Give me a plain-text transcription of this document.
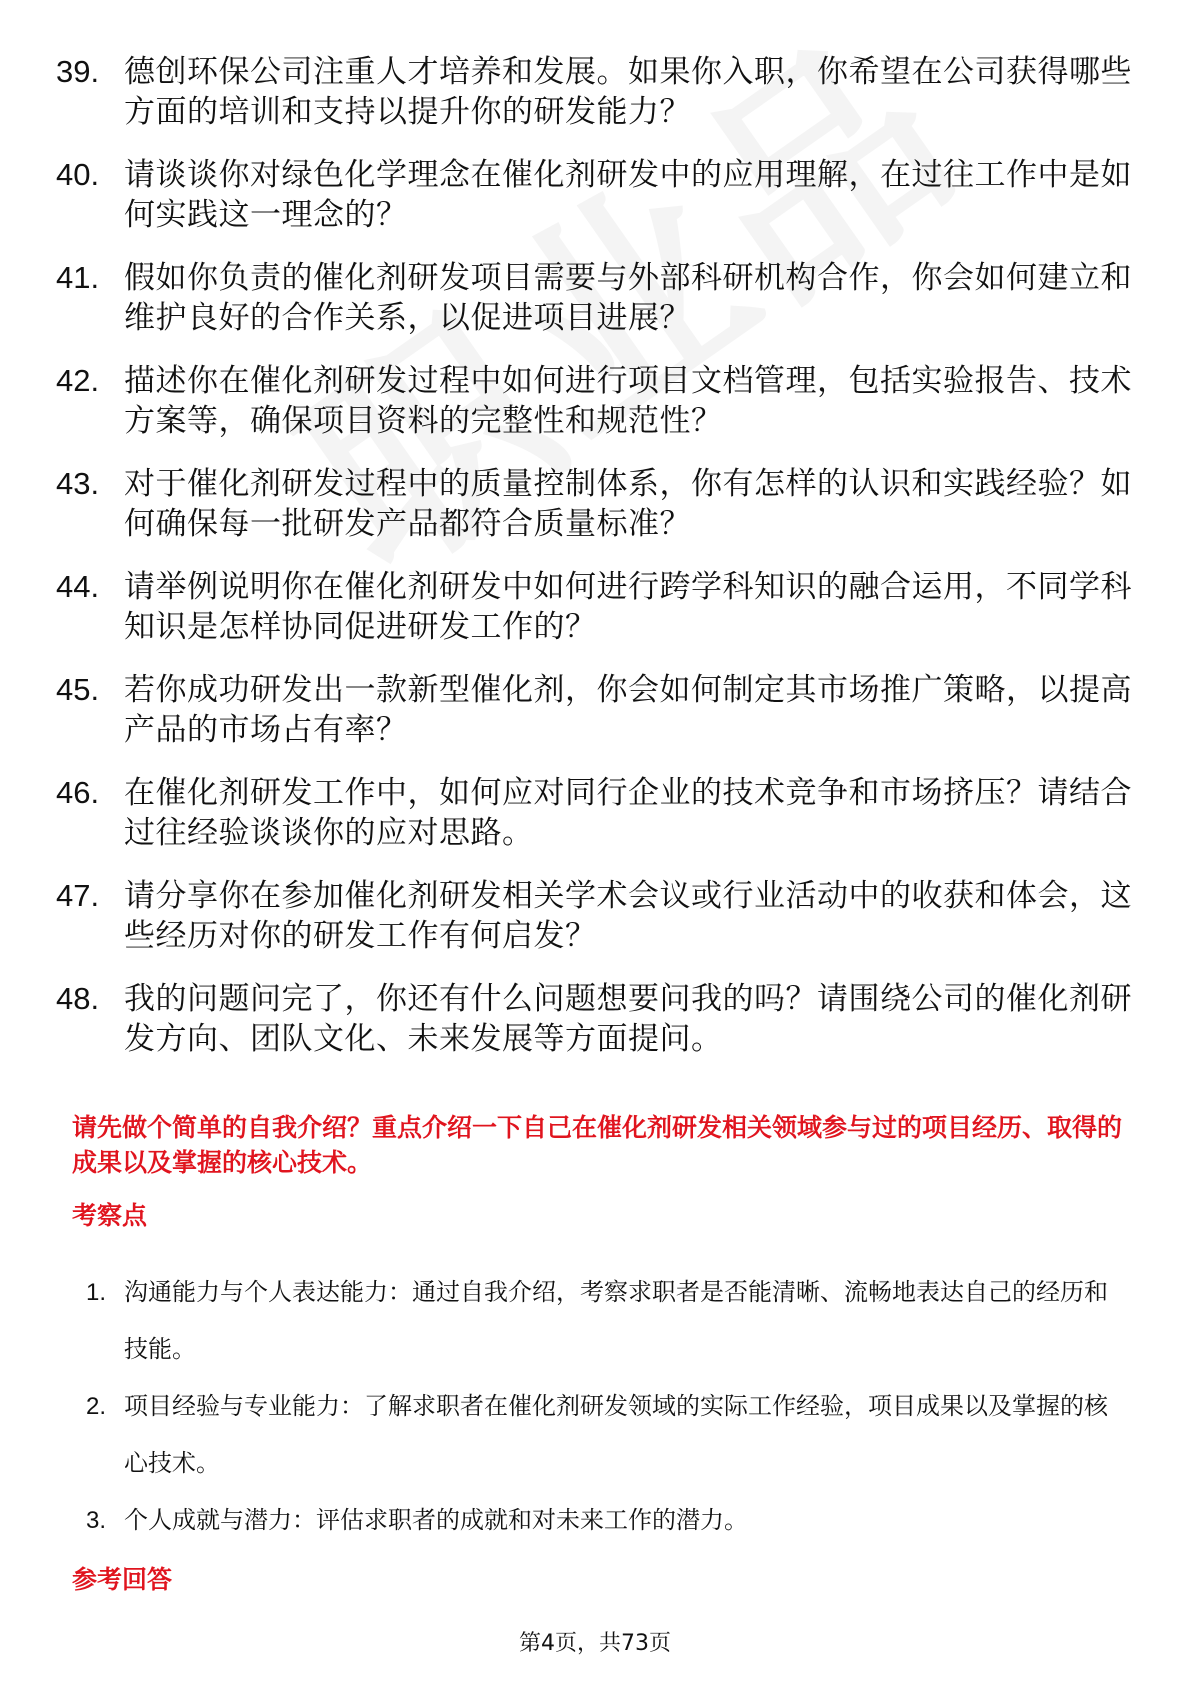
39. 德创环保公司注重人才培养和发展。如果你入职，你希望在公司获得哪些方面的培训和支持以提升你的研发能力？
40. 请谈谈你对绿色化学理念在催化剂研发中的应用理解，在过往工作中是如何实践这一理念的？
41. 假如你负责的催化剂研发项目需要与外部科研机构合作，你会如何建立和维护良好的合作关系，以促进项目进展？
42. 描述你在催化剂研发过程中如何进行项目文档管理，包括实验报告、技术方案等，确保项目资料的完整性和规范性？
43. 对于催化剂研发过程中的质量控制体系，你有怎样的认识和实践经验？如何确保每一批研发产品都符合质量标准？
44. 请举例说明你在催化剂研发中如何进行跨学科知识的融合运用，不同学科知识是怎样协同促进研发工作的？
45. 若你成功研发出一款新型催化剂，你会如何制定其市场推广策略，以提高产品的市场占有率？
46. 在催化剂研发工作中，如何应对同行企业的技术竞争和市场挤压？请结合过往经验谈谈你的应对思路。
47. 请分享你在参加催化剂研发相关学术会议或行业活动中的收获和体会，这些经历对你的研发工作有何启发？
48. 我的问题问完了，你还有什么问题想要问我的吗？请围绕公司的催化剂研发方向、团队文化、未来发展等方面提问。
请先做个简单的自我介绍？重点介绍一下自己在催化剂研发相关领域参与过的项目经历、取得的成果以及掌握的核心技术。
考察点
1. 沟通能力与个人表达能力：通过自我介绍，考察求职者是否能清晰、流畅地表达自己的经历和技能。
2. 项目经验与专业能力：了解求职者在催化剂研发领域的实际工作经验，项目成果以及掌握的核心技术。
3. 个人成就与潜力：评估求职者的成就和对未来工作的潜力。
参考回答
第4页，共73页
